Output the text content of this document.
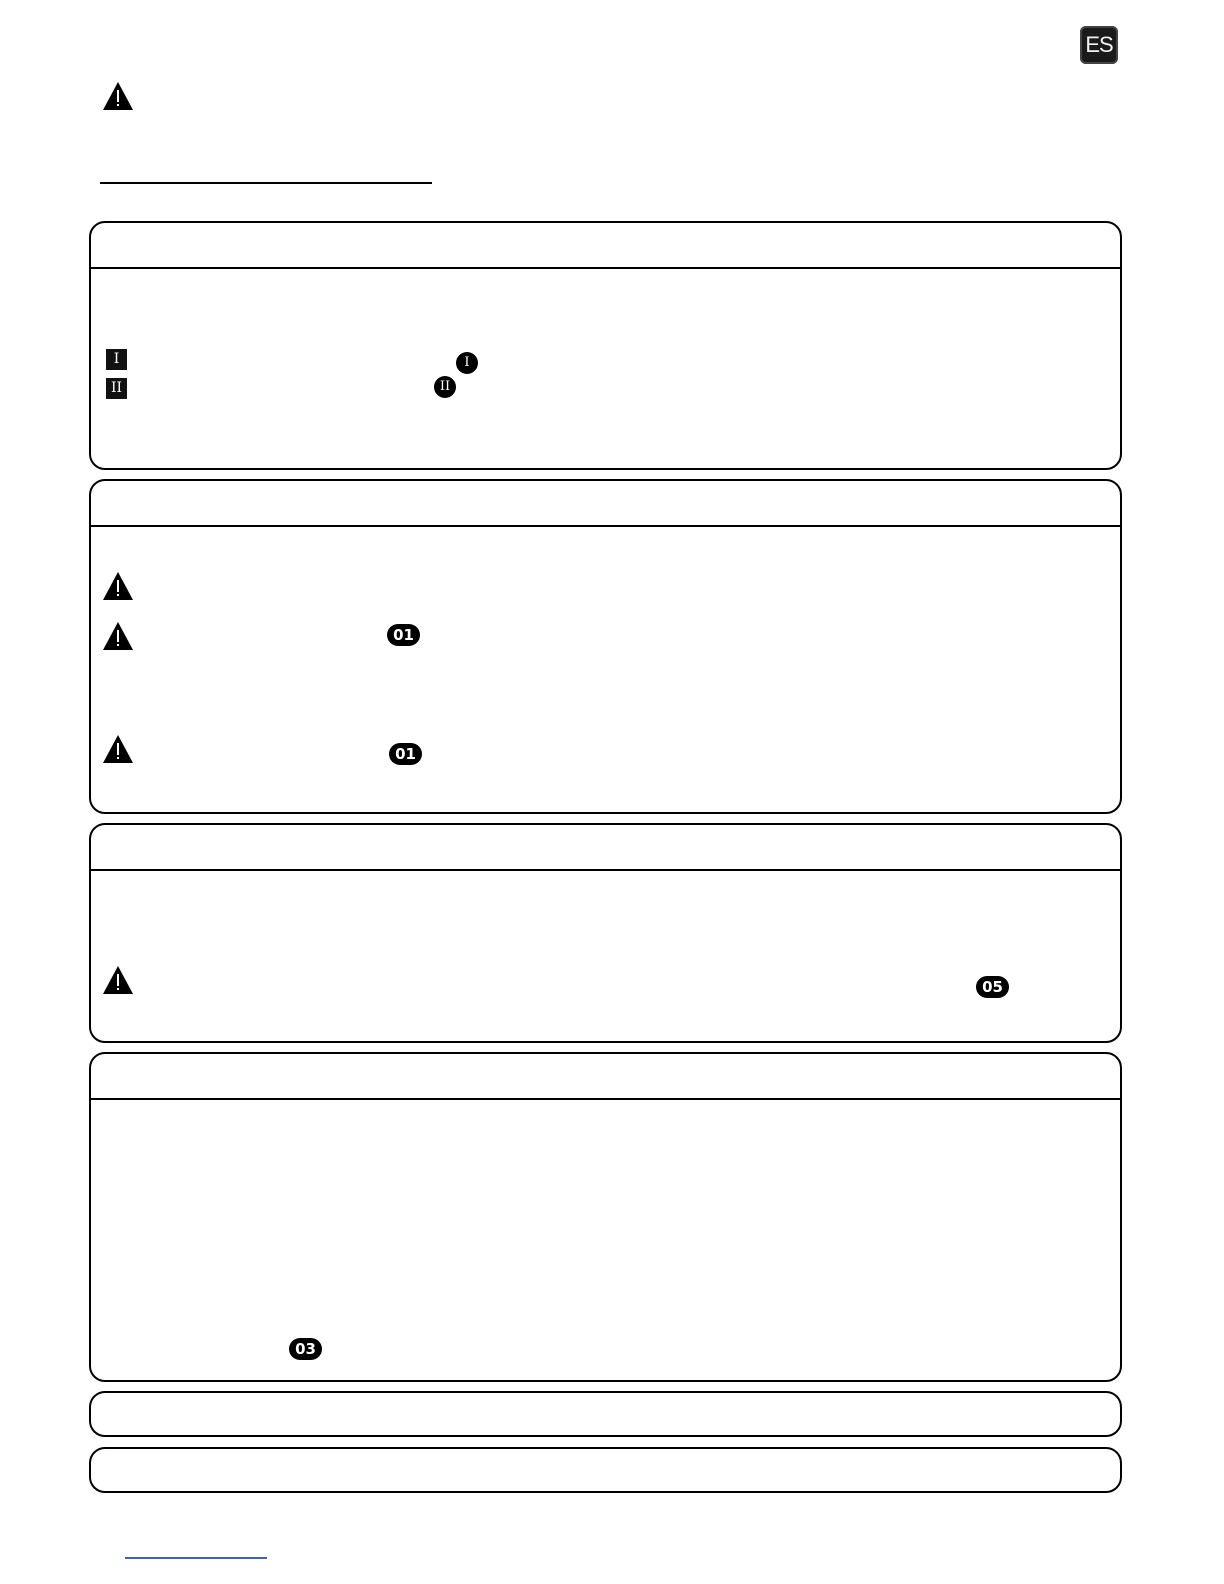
ES
I	I
II	II
01
01
05
03
